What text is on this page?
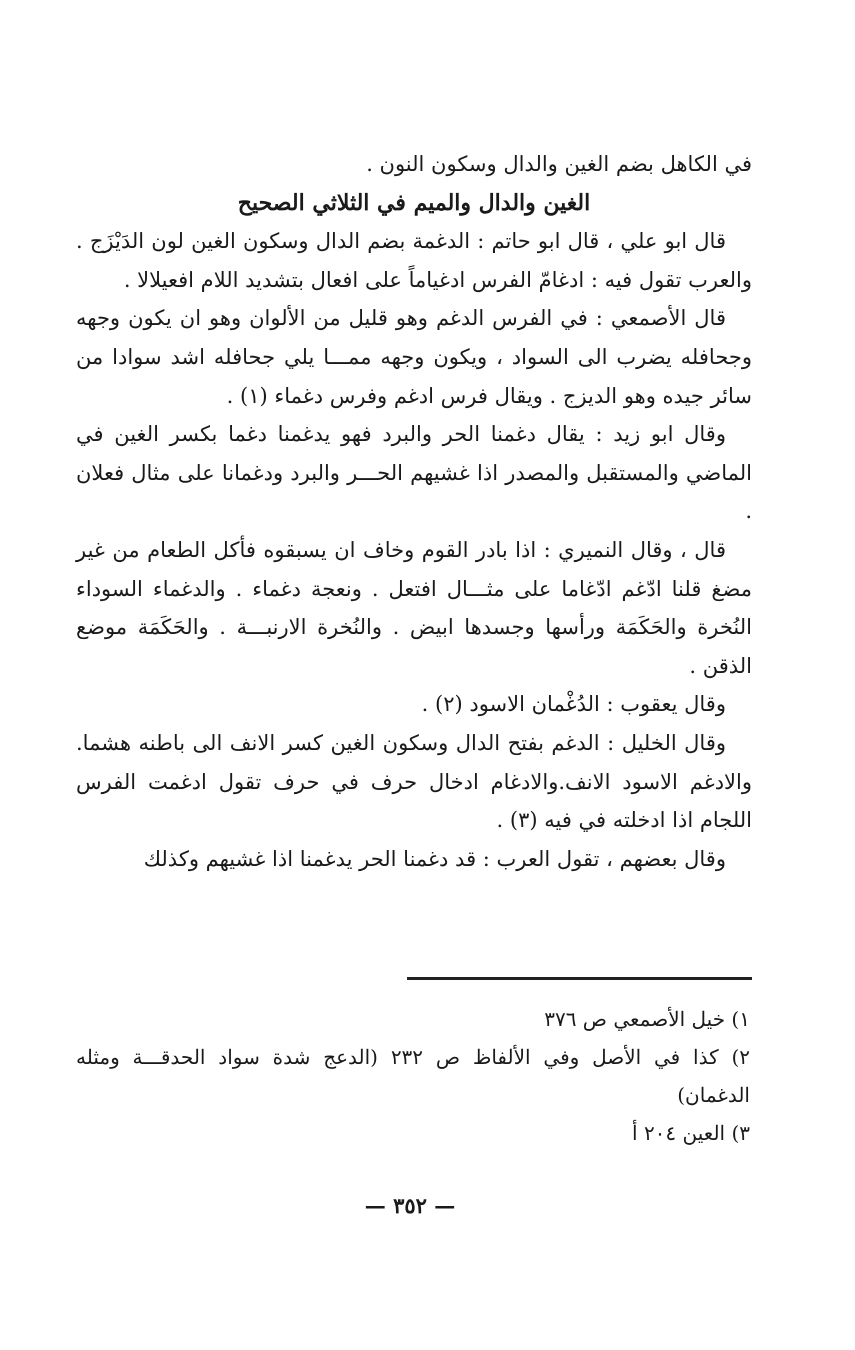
في الكاهل بضم الغين والدال وسكون النون .

الغين والدال والميم في الثلاثي الصحيح

قال ابو علي ، قال ابو حاتم : الدغمة بضم الدال وسكون الغين لون الدَيْزَج . والعرب تقول فيه : ادغامّ الفرس ادغياماً على افعال بتشديد اللام افعيلالا .

قال الأصمعي : في الفرس الدغم وهو قليل من الألوان وهو ان يكون وجهه وجحافله يضرب الى السواد ، ويكون وجهه ممـــا يلي جحافله اشد سوادا من سائر جيده وهو الديزج . ويقال فرس ادغم وفرس دغماء (١) .

وقال ابو زيد : يقال دغمنا الحر والبرد فهو يدغمنا دغما بكسر الغين في الماضي والمستقبل والمصدر اذا غشيهم الحـــر والبرد ودغمانا على مثال فعلان .

قال ، وقال النميري : اذا بادر القوم وخاف ان يسبقوه فأكل الطعام من غير مضغ قلنا ادّغم ادّغاما على مثـــال افتعل . ونعجة دغماء . والدغماء السوداء النُخرة والحَكَمَة ورأسها وجسدها ابيض . والنُخرة الارنبـــة . والحَكَمَة موضع الذقن .

وقال يعقوب : الدُغْمان الاسود (٢) .

وقال الخليل : الدغم بفتح الدال وسكون الغين كسر الانف الى باطنه هشما. والادغم الاسود الانف.والادغام ادخال حرف في حرف تقول ادغمت الفرس اللجام اذا ادخلته في فيه (٣) .

وقال بعضهم ، تقول العرب : قد دغمنا الحر يدغمنا اذا غشيهم وكذلك

١) خيل الأصمعي ص ٣٧٦

٢) كذا في الأصل وفي الألفاظ ص ٢٣٢ (الدعج شدة سواد الحدقـــة ومثله الدغمان)

٣) العين ٢٠٤ أ

— ٣٥٢ —
